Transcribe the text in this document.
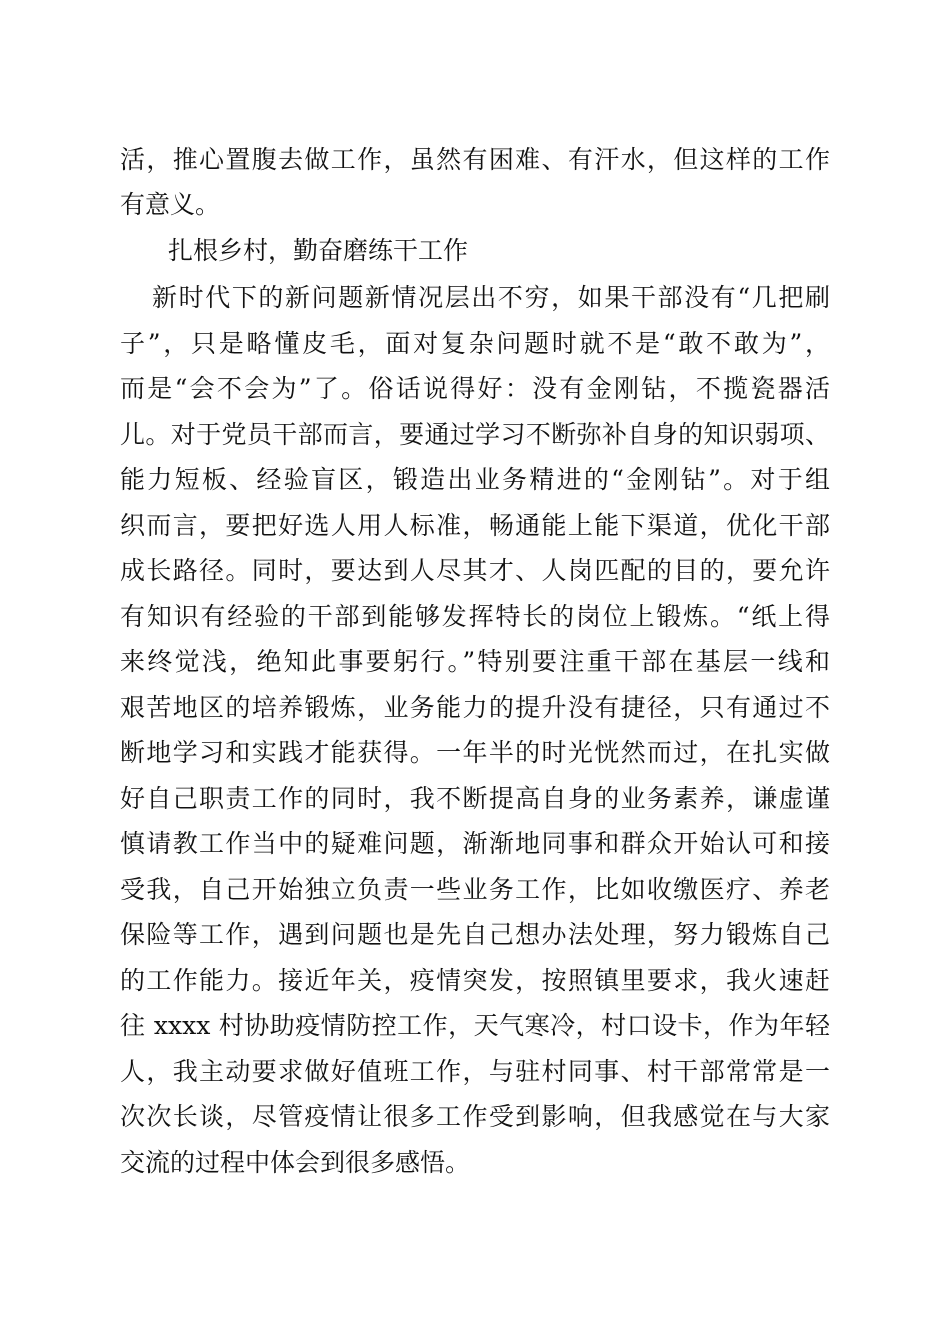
活，推心置腹去做工作，虽然有困难、有汗水，但这样的工作
有意义。
扎根乡村，勤奋磨练干工作
新时代下的新问题新情况层出不穷，如果干部没有“几把刷
子”，只是略懂皮毛，面对复杂问题时就不是“敢不敢为”，
而是“会不会为”了。俗话说得好：没有金刚钻，不揽瓷器活
儿。对于党员干部而言，要通过学习不断弥补自身的知识弱项、
能力短板、经验盲区，锻造出业务精进的“金刚钻”。对于组
织而言，要把好选人用人标准，畅通能上能下渠道，优化干部
成长路径。同时，要达到人尽其才、人岗匹配的目的，要允许
有知识有经验的干部到能够发挥特长的岗位上锻炼。“纸上得
来终觉浅，绝知此事要躬行。”特别要注重干部在基层一线和
艰苦地区的培养锻炼，业务能力的提升没有捷径，只有通过不
断地学习和实践才能获得。一年半的时光恍然而过，在扎实做
好自己职责工作的同时，我不断提高自身的业务素养，谦虚谨
慎请教工作当中的疑难问题，渐渐地同事和群众开始认可和接
受我，自己开始独立负责一些业务工作，比如收缴医疗、养老
保险等工作，遇到问题也是先自己想办法处理，努力锻炼自己
的工作能力。接近年关，疫情突发，按照镇里要求，我火速赶
往 xxxx 村协助疫情防控工作，天气寒冷，村口设卡，作为年轻
人，我主动要求做好值班工作，与驻村同事、村干部常常是一
次次长谈，尽管疫情让很多工作受到影响，但我感觉在与大家
交流的过程中体会到很多感悟。
